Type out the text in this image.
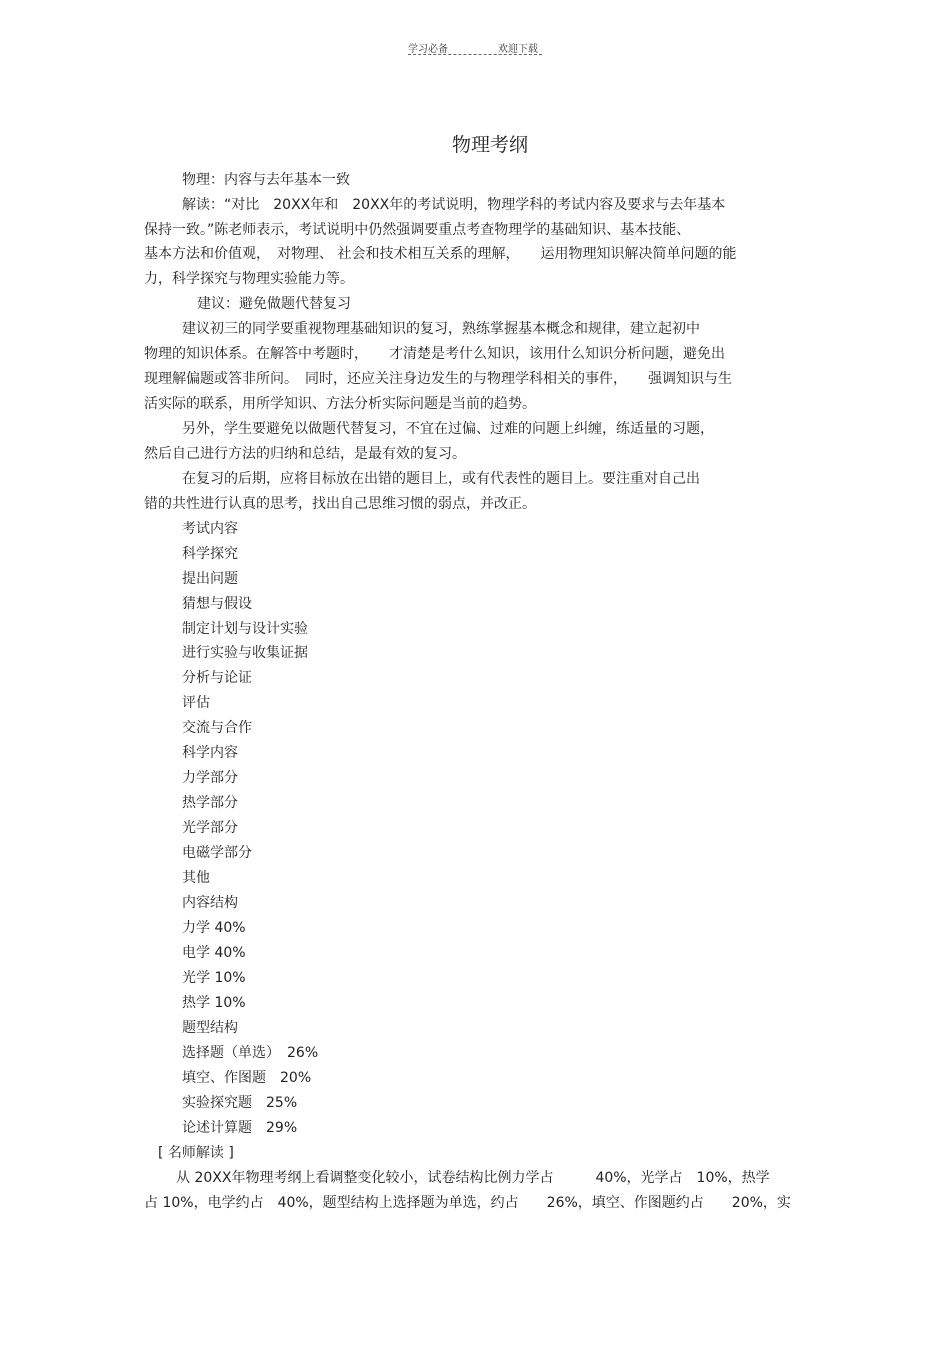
学习必备	欢迎下载
物理考纲
物理：内容与去年基本一致
解读：“对比　20XX年和　20XX年的考试说明，物理学科的考试内容及要求与去年基本
保持一致。”陈老师表示，考试说明中仍然强调要重点考查物理学的基础知识、基本技能、
基本方法和价值观，　对物理、 社会和技术相互关系的理解，　　运用物理知识解决简单问题的能
力，科学探究与物理实验能力等。
建议：避免做题代替复习
建议初三的同学要重视物理基础知识的复习，熟练掌握基本概念和规律，建立起初中
物理的知识体系。在解答中考题时，　　才清楚是考什么知识，该用什么知识分析问题，避免出
现理解偏题或答非所问。　同时，还应关注身边发生的与物理学科相关的事件，　　强调知识与生
活实际的联系，用所学知识、方法分析实际问题是当前的趋势。
另外，学生要避免以做题代替复习，不宜在过偏、过难的问题上纠缠，练适量的习题，
然后自己进行方法的归纳和总结，是最有效的复习。
在复习的后期，应将目标放在出错的题目上，或有代表性的题目上。要注重对自己出
错的共性进行认真的思考，找出自己思维习惯的弱点，并改正。
考试内容
科学探究
提出问题
猜想与假设
制定计划与设计实验
进行实验与收集证据
分析与论证
评估
交流与合作
科学内容
力学部分
热学部分
光学部分
电磁学部分
其他
内容结构
力学 40%
电学 40%
光学 10%
热学 10%
题型结构
选择题（单选）　26%
填空、作图题　20%
实验探究题　25%
论述计算题　29%
[ 名师解读 ]
从 20XX年物理考纲上看调整变化较小，试卷结构比例力学占　　　40%，光学占　10%，热学
占 10%，电学约占　40%，题型结构上选择题为单选，约占　　26%，填空、作图题约占　　20%，实
